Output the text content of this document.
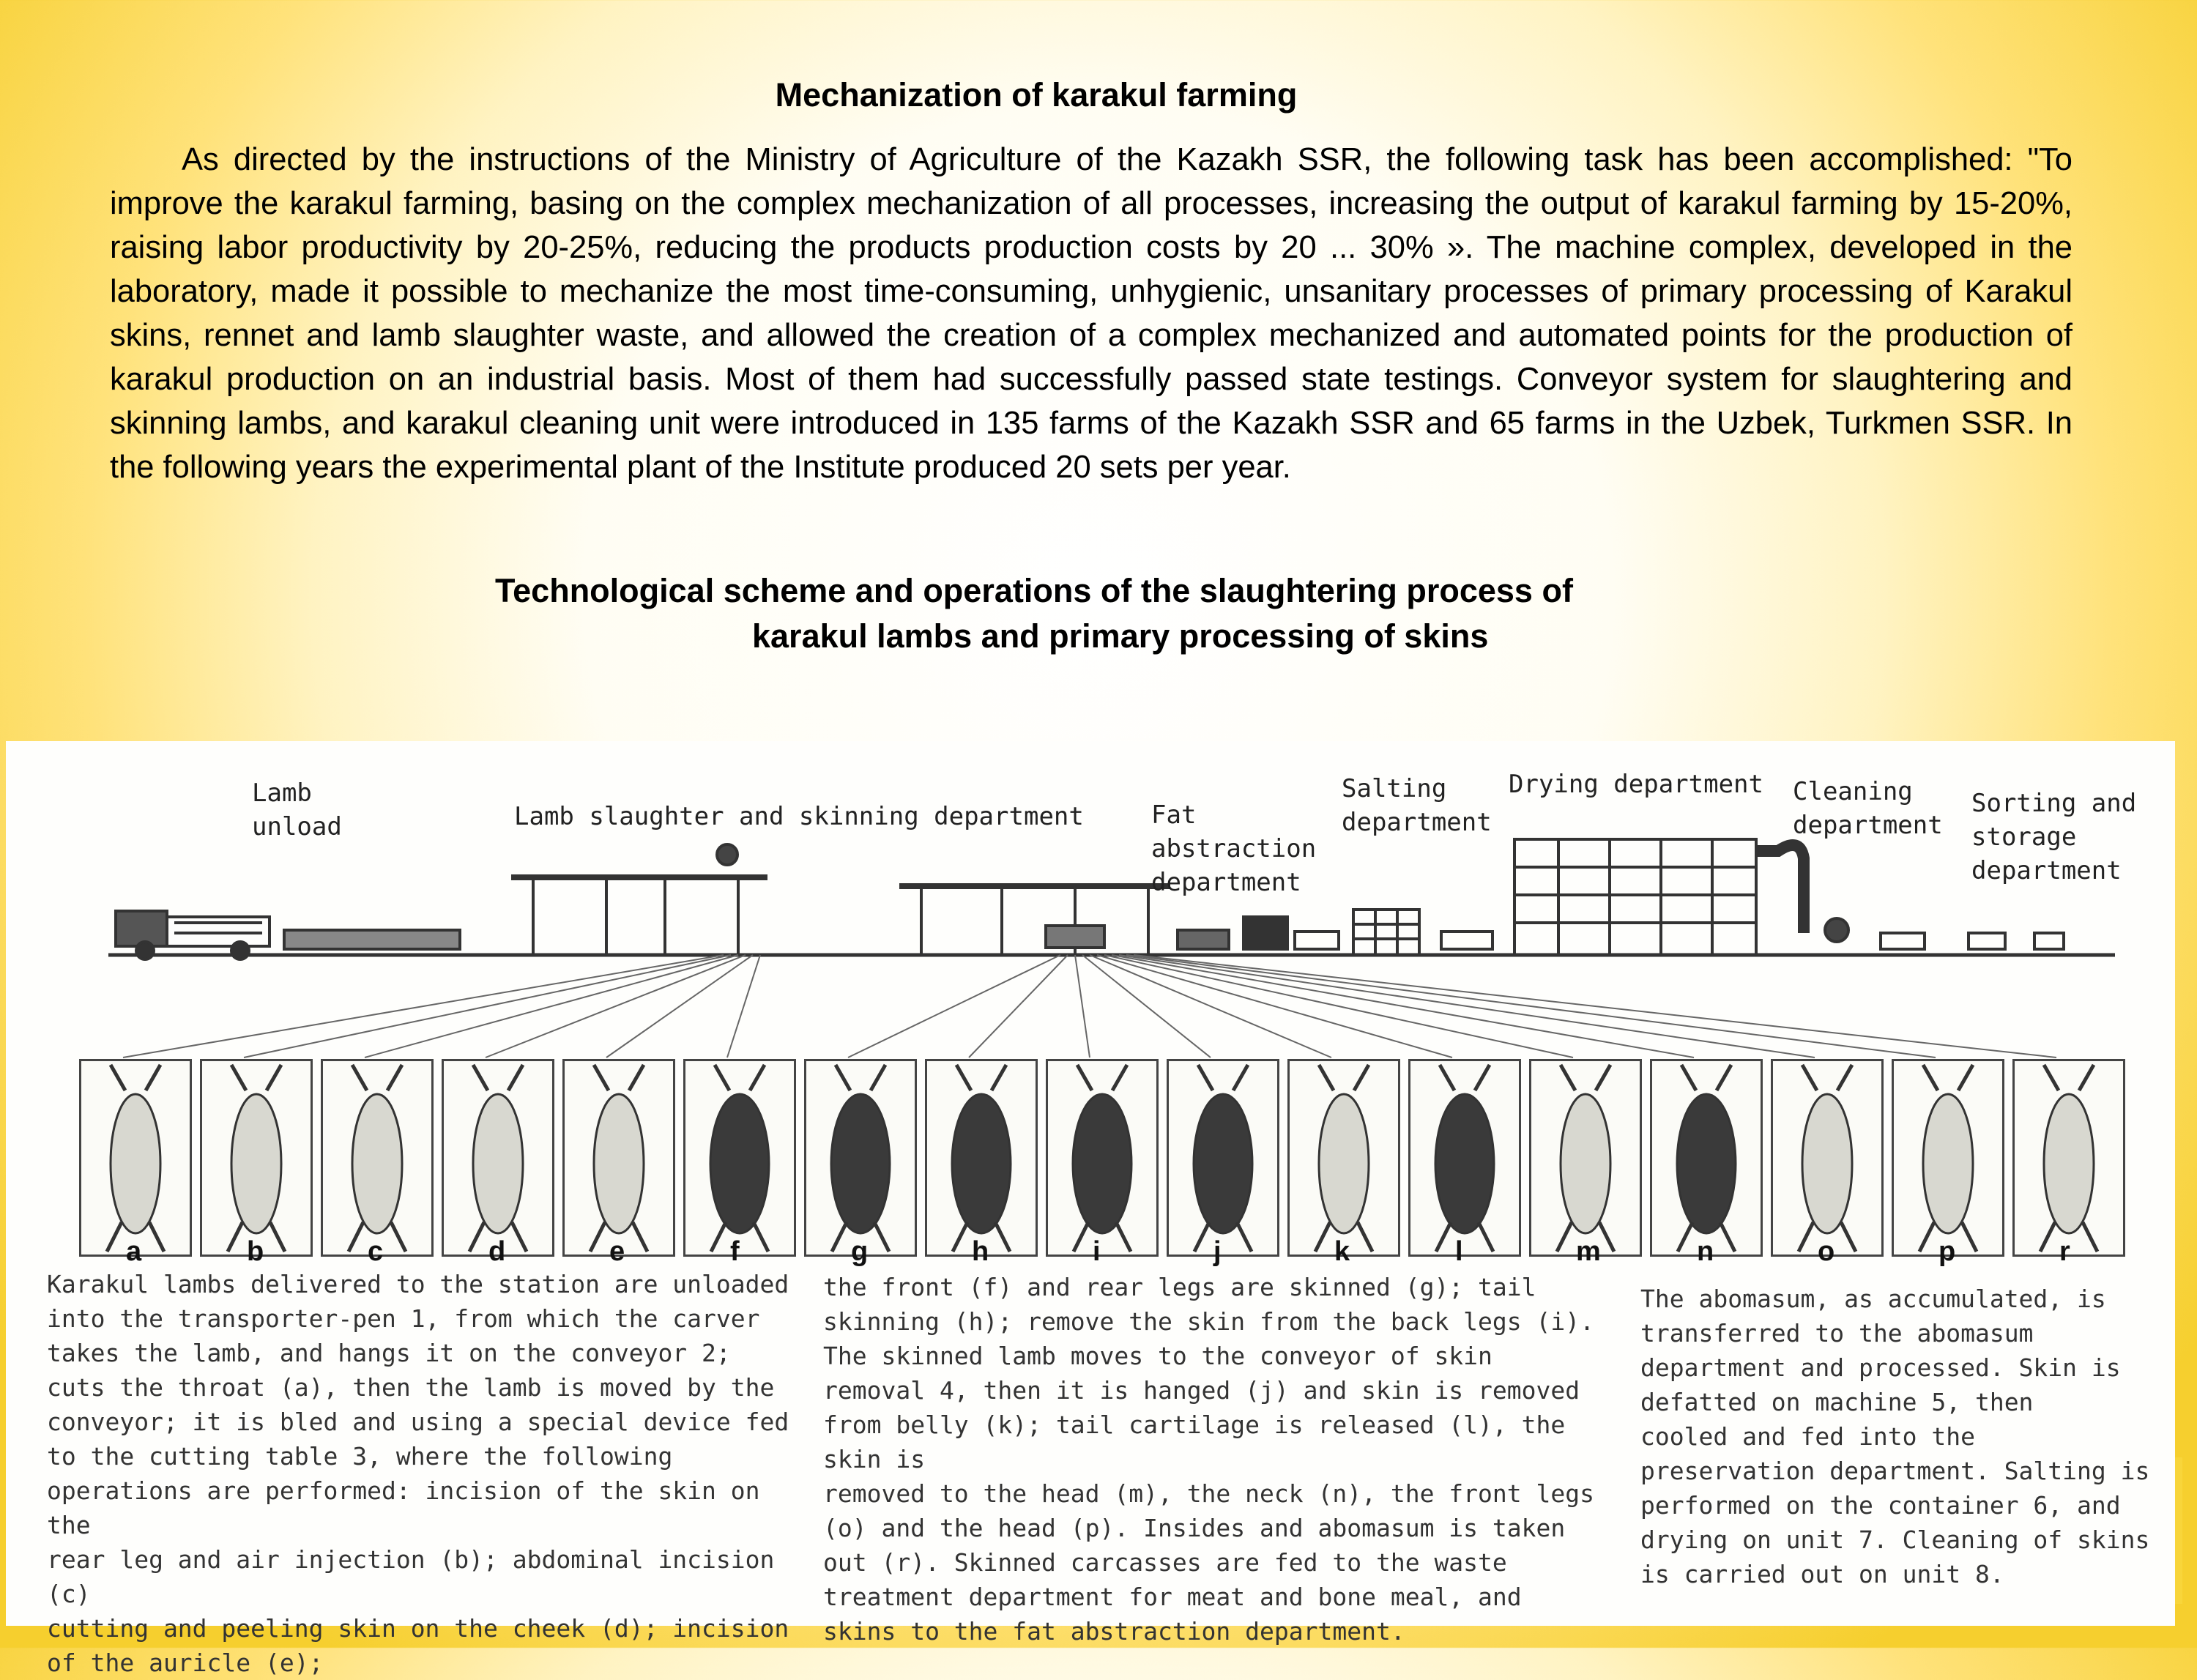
Mechanization of karakul farming

As directed by the instructions of the Ministry of Agriculture of the Kazakh SSR, the following task has been accomplished: "To improve the karakul farming, basing on the complex mechanization of all processes, increasing the output of karakul farming by 15-20%, raising labor productivity by 20-25%, reducing the products production costs by 20 ... 30% ». The machine complex, developed in the laboratory, made it possible to mechanize the most time-consuming, unhygienic, unsanitary processes of primary processing of Karakul skins, rennet and lamb slaughter waste, and allowed the creation of a complex mechanized and automated points for the production of karakul production on an industrial basis. Most of them had successfully passed state testings. Conveyor system for slaughtering and skinning lambs, and karakul cleaning unit were introduced in 135 farms of the Kazakh SSR and 65 farms in the Uzbek, Turkmen SSR. In the following years the experimental plant of the Institute produced 20 sets per year.

Technological scheme and operations of the slaughtering process of
karakul lambs and primary processing of skins

Lamb
unload	Lamb slaughter and skinning department	Fat
abstraction
department

Salting
department

Drying department Cleaning
department

Sorting and
storage
department

a	b	c	d	e	f	g	h	i	j	k	l	m	n	o	p	r

Karakul lambs delivered to the station are unloaded
into the transporter-pen 1, from which the carver
takes the lamb, and hangs it on the conveyor 2;
cuts the throat (a), then the lamb is moved by the
conveyor; it is bled and using a special device fed
to the cutting table 3, where the following
operations are performed: incision of the skin on the
rear leg and air injection (b); abdominal incision (c)
cutting and peeling skin on the cheek (d); incision
of the auricle (e);

the front (f) and rear legs are skinned (g); tail
skinning (h); remove the skin from the back legs (i).
The skinned lamb moves to the conveyor of skin
removal 4, then it is hanged (j) and skin is removed
from belly (k); tail cartilage is released (l), the skin is
removed to the head (m), the neck (n), the front legs
(o) and the head (p). Insides and abomasum is taken
out (r). Skinned carcasses are fed to the waste
treatment department for meat and bone meal, and
skins to the fat abstraction department.

The abomasum, as accumulated, is
transferred to the abomasum
department and processed. Skin is
defatted on machine 5, then
cooled and fed into the
preservation department. Salting is
performed on the container 6, and
drying on unit 7. Cleaning of skins
is carried out on unit 8.
